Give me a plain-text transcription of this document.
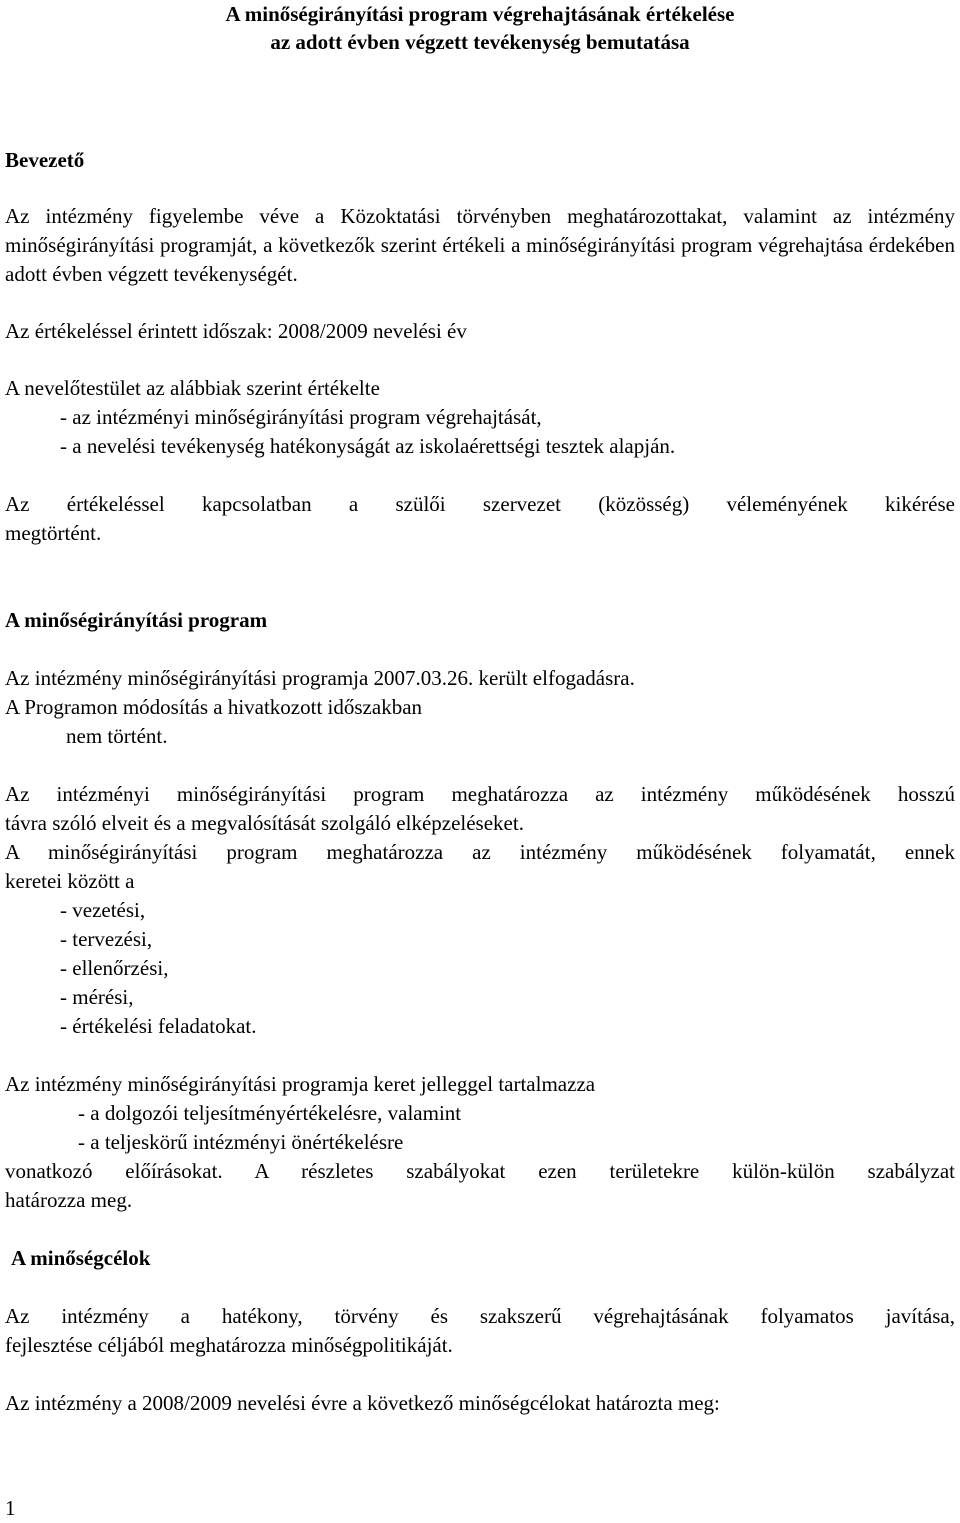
A minőségirányítási program végrehajtásának értékelése

az adott évben végzett tevékenység bemutatása

Bevezető

Az intézmény figyelembe véve a Közoktatási törvényben meghatározottakat, valamint az intézmény minőségirányítási programját, a következők szerint értékeli a minőségirányítási program végrehajtása érdekében adott évben végzett tevékenységét.

Az értékeléssel érintett időszak: 2008/2009 nevelési év

A nevelőtestület az alábbiak szerint értékelte

- az intézményi minőségirányítási program végrehajtását,

- a nevelési tevékenység hatékonyságát az iskolaérettségi tesztek alapján.

Az értékeléssel kapcsolatban a szülői szervezet (közösség) véleményének kikérése

megtörtént.

A minőségirányítási program

Az intézmény minőségirányítási programja 2007.03.26. került elfogadásra.

A Programon módosítás a hivatkozott időszakban

nem történt.

Az intézményi minőségirányítási program meghatározza az intézmény működésének hosszú

távra szóló elveit és a megvalósítását szolgáló elképzeléseket.

A minőségirányítási program meghatározza az intézmény működésének folyamatát, ennek

keretei között a

- vezetési,

- tervezési,

- ellenőrzési,

- mérési,

- értékelési feladatokat.

Az intézmény minőségirányítási programja keret jelleggel tartalmazza

- a dolgozói teljesítményértékelésre, valamint

- a teljeskörű intézményi önértékelésre

vonatkozó előírásokat. A részletes szabályokat ezen területekre külön-külön szabályzat

határozza meg.

A minőségcélok

Az intézmény a hatékony, törvény és szakszerű végrehajtásának folyamatos javítása,

fejlesztése céljából meghatározza minőségpolitikáját.

Az intézmény a 2008/2009 nevelési évre a következő minőségcélokat határozta meg:

1
